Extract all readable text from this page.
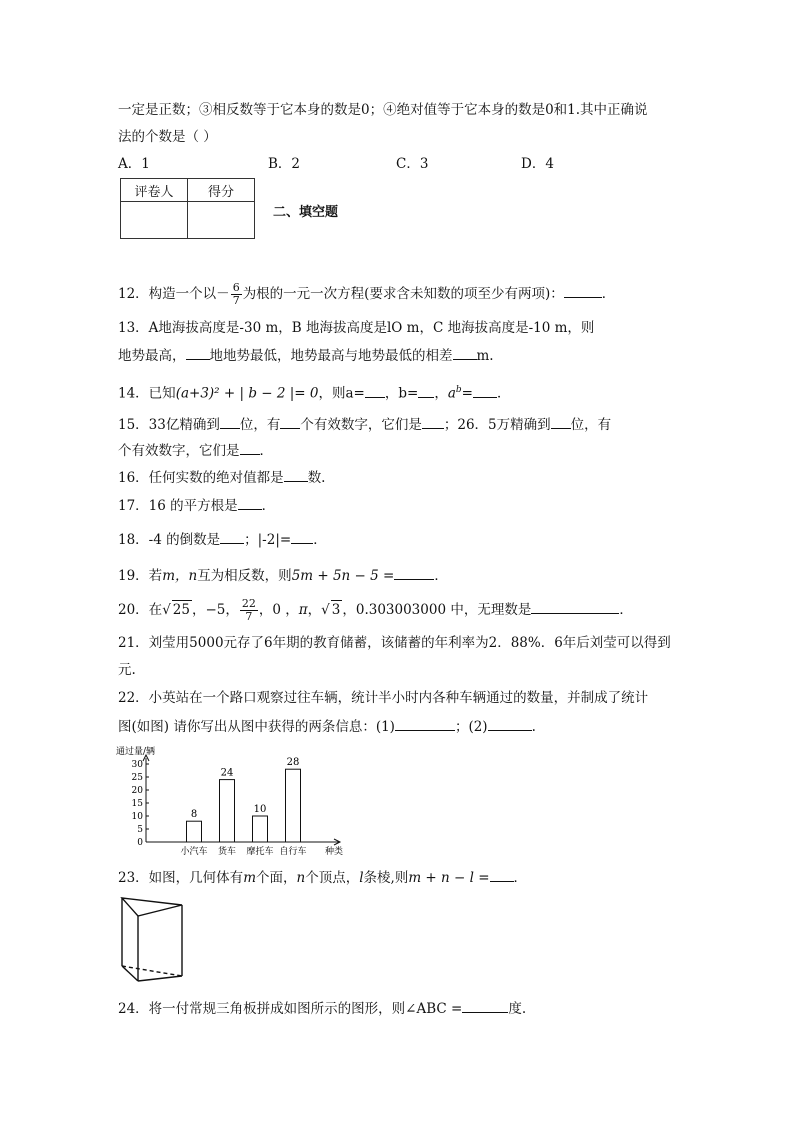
一定是正数；③相反数等于它本身的数是0；④绝对值等于它本身的数是0和1.其中正确说
法的个数是（ ）
A．1	B．2	C．3	D．4
评卷人	得分

二、填空题
12．构造一个以－ $\frac{6}{7}$ 为根的一元一次方程(要求含未知数的项至少有两项)：	．
13．A地海拔高度是-30 m，B 地海拔高度是lO m，C 地海拔高度是-10 m，则
地势最高， 地地势最低，地势最高与地势最低的相差 m.
14．已知(a+3)² + | b − 2 |= 0，则a= ，b= ，$a^b=$ ．
15．33亿精确到 位，有 个有效数字，它们是 ；26．5万精确到 位，有
个有效数字，它们是 ．
16．任何实数的绝对值都是 数.
17．16 的平方根是 ．
18．-4 的倒数是 ；|-2|= ．
19．若m，n互为相反数，则5m + 5n − 5 =	．
20．在√ 25 ，−5， $\frac{22}{7}$ ，0 ，π，√ 3 ，0.303003000 中，无理数是	．
21．刘莹用5000元存了6年期的教育储蓄，该储蓄的年利率为2．88%．6年后刘莹可以得到
元.
22．小英站在一个路口观察过往车辆，统计半小时内各种车辆通过的数量，并制成了统计
图(如图) 请你写出从图中获得的两条信息：(1)	；(2)	.
通过量/辆
0
5
10
15
20
25
30
8
小汽车
24
货车
10
摩托车
28
自行车 种类
23．如图，几何体有m个面，n个顶点，l条棱,则m + n − l = ．
24．将一付常规三角板拼成如图所示的图形，则∠ABC =	度.
